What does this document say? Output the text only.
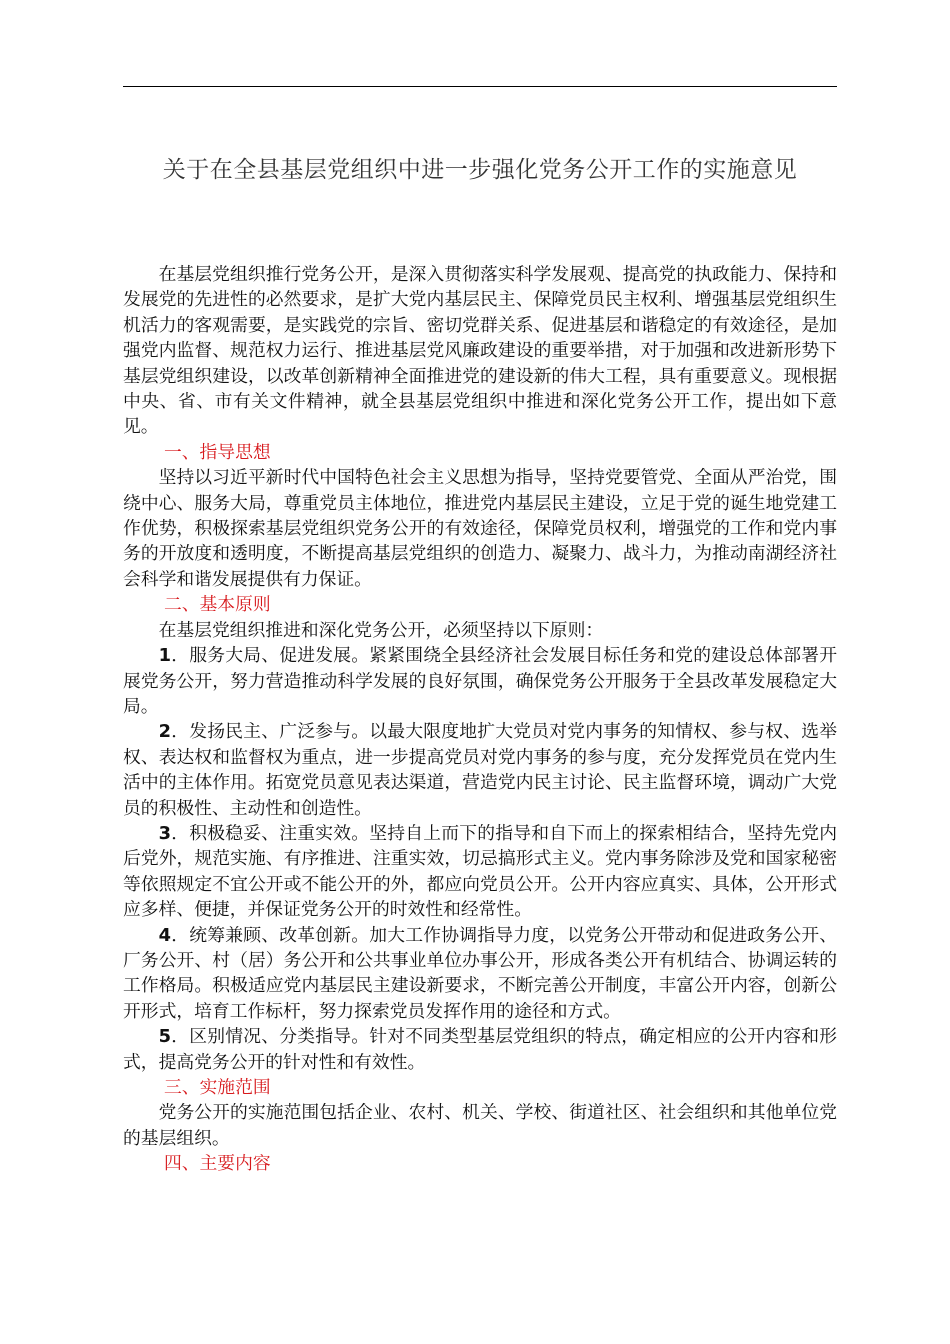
关于在全县基层党组织中进一步强化党务公开工作的实施意见

在基层党组织推行党务公开，是深入贯彻落实科学发展观、提高党的执政能力、保持和发展党的先进性的必然要求，是扩大党内基层民主、保障党员民主权利、增强基层党组织生机活力的客观需要，是实践党的宗旨、密切党群关系、促进基层和谐稳定的有效途径，是加强党内监督、规范权力运行、推进基层党风廉政建设的重要举措，对于加强和改进新形势下基层党组织建设，以改革创新精神全面推进党的建设新的伟大工程，具有重要意义。现根据中央、省、市有关文件精神，就全县基层党组织中推进和深化党务公开工作，提出如下意见。

一、指导思想

坚持以习近平新时代中国特色社会主义思想为指导，坚持党要管党、全面从严治党，围绕中心、服务大局，尊重党员主体地位，推进党内基层民主建设，立足于党的诞生地党建工作优势，积极探索基层党组织党务公开的有效途径，保障党员权利，增强党的工作和党内事务的开放度和透明度，不断提高基层党组织的创造力、凝聚力、战斗力，为推动南湖经济社会科学和谐发展提供有力保证。

二、基本原则

在基层党组织推进和深化党务公开，必须坚持以下原则：

1．服务大局、促进发展。紧紧围绕全县经济社会发展目标任务和党的建设总体部署开展党务公开，努力营造推动科学发展的良好氛围，确保党务公开服务于全县改革发展稳定大局。

2．发扬民主、广泛参与。以最大限度地扩大党员对党内事务的知情权、参与权、选举权、表达权和监督权为重点，进一步提高党员对党内事务的参与度，充分发挥党员在党内生活中的主体作用。拓宽党员意见表达渠道，营造党内民主讨论、民主监督环境，调动广大党员的积极性、主动性和创造性。

3．积极稳妥、注重实效。坚持自上而下的指导和自下而上的探索相结合，坚持先党内后党外，规范实施、有序推进、注重实效，切忌搞形式主义。党内事务除涉及党和国家秘密等依照规定不宜公开或不能公开的外，都应向党员公开。公开内容应真实、具体，公开形式应多样、便捷，并保证党务公开的时效性和经常性。

4．统筹兼顾、改革创新。加大工作协调指导力度，以党务公开带动和促进政务公开、厂务公开、村（居）务公开和公共事业单位办事公开，形成各类公开有机结合、协调运转的工作格局。积极适应党内基层民主建设新要求，不断完善公开制度，丰富公开内容，创新公开形式，培育工作标杆，努力探索党员发挥作用的途径和方式。

5．区别情况、分类指导。针对不同类型基层党组织的特点，确定相应的公开内容和形式，提高党务公开的针对性和有效性。

三、实施范围

党务公开的实施范围包括企业、农村、机关、学校、街道社区、社会组织和其他单位党的基层组织。

四、主要内容
